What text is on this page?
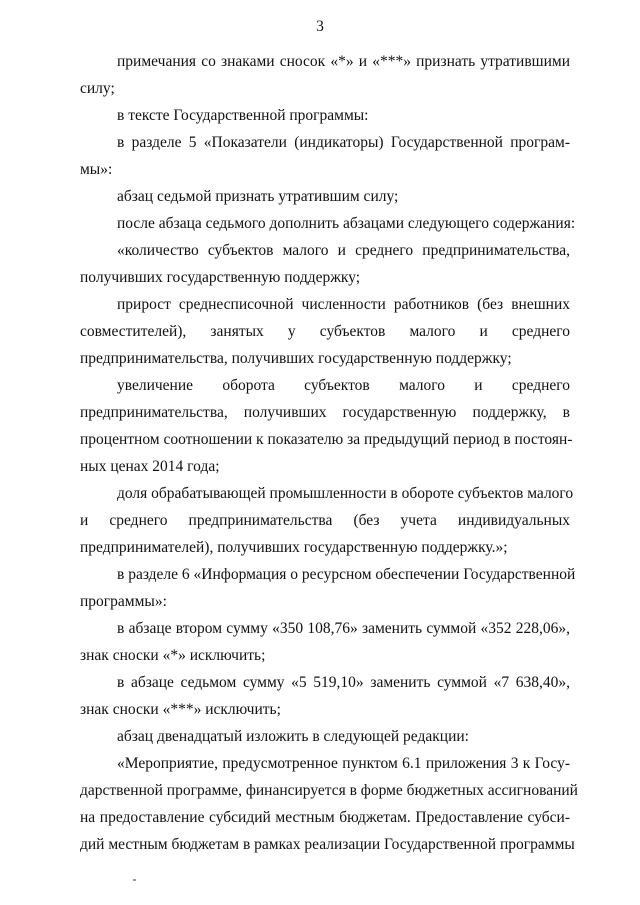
3
примечания со знаками сносок «*» и «***» признать утратившими
силу;
в тексте Государственной программы:
в разделе 5 «Показатели (индикаторы) Государственной програм-
мы»:
абзац седьмой признать утратившим силу;
после абзаца седьмого дополнить абзацами следующего содержания:
«количество субъектов малого и среднего предпринимательства,
получивших государственную поддержку;
прирост среднесписочной численности работников (без внешних
совместителей), занятых у субъектов малого и среднего
предпринимательства, получивших государственную поддержку;
увеличение оборота субъектов малого и среднего
предпринимательства, получивших государственную поддержку, в
процентном соотношении к показателю за предыдущий период в постоян-
ных ценах 2014 года;
доля обрабатывающей промышленности в обороте субъектов малого
и среднего предпринимательства (без учета индивидуальных
предпринимателей), получивших государственную поддержку.»;
в разделе 6 «Информация о ресурсном обеспечении Государственной
программы»:
в абзаце втором сумму «350 108,76» заменить суммой «352 228,06»,
знак сноски «*» исключить;
в абзаце седьмом сумму «5 519,10» заменить суммой «7 638,40»,
знак сноски «***» исключить;
абзац двенадцатый изложить в следующей редакции:
«Мероприятие, предусмотренное пунктом 6.1 приложения 3 к Госу-
дарственной программе, финансируется в форме бюджетных ассигнований
на предоставление субсидий местным бюджетам. Предоставление субси-
дий местным бюджетам в рамках реализации Государственной программы
